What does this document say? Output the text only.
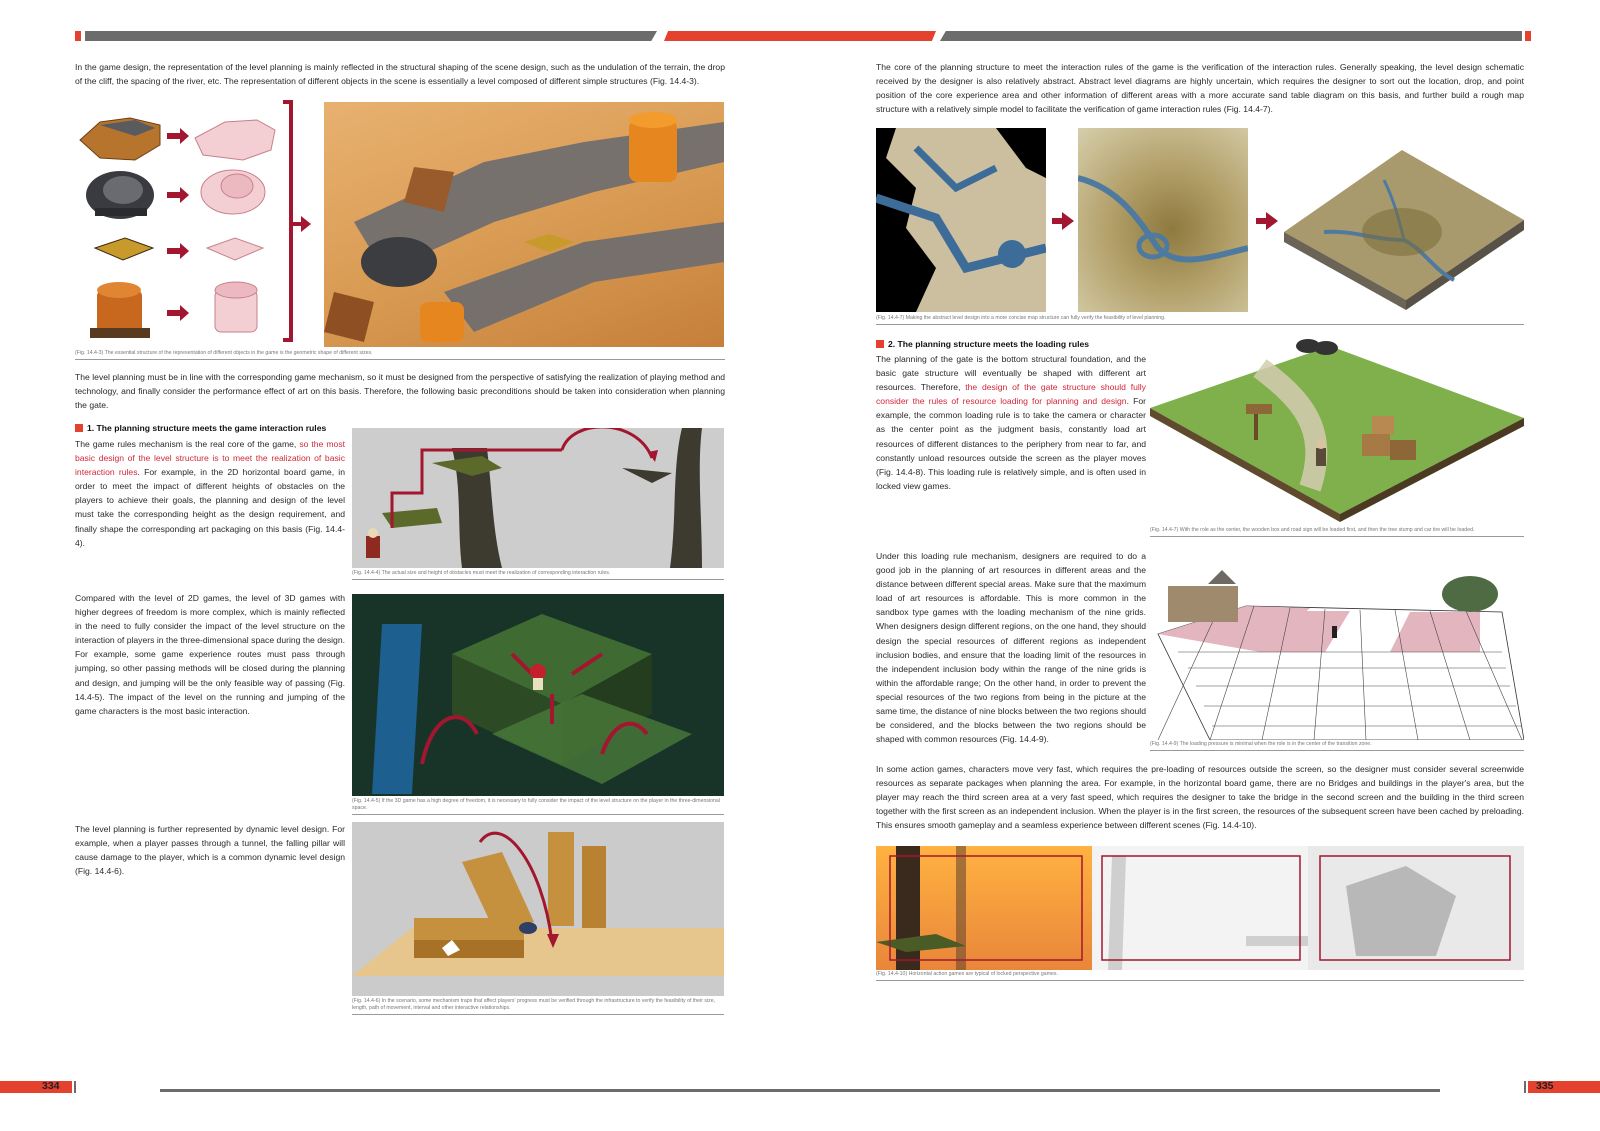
In the game design, the representation of the level planning is mainly reflected in the structural shaping of the scene design, such as the undulation of the terrain, the drop of the cliff, the spacing of the river, etc. The representation of different objects in the scene is essentially a level composed of different simple structures (Fig. 14.4-3).

(Fig. 14.4-3) The essential structure of the representation of different objects in the game is the geometric shape of different sizes.

The level planning must be in line with the corresponding game mechanism, so it must be designed from the perspective of satisfying the realization of playing method and technology, and finally consider the performance effect of art on this basis. Therefore, the following basic preconditions should be taken into consideration when planning the gate.

1. The planning structure meets the game interaction rules

The game rules mechanism is the real core of the game, so the most basic design of the level structure is to meet the realization of basic interaction rules. For example, in the 2D horizontal board game, in order to meet the impact of different heights of obstacles on the players to achieve their goals, the planning and design of the level must take the corresponding height as the design requirement, and finally shape the corresponding art packaging on this basis (Fig. 14.4-4).

(Fig. 14.4-4) The actual size and height of obstacles must meet the realization of corresponding interaction rules.

Compared with the level of 2D games, the level of 3D games with higher degrees of freedom is more complex, which is mainly reflected in the need to fully consider the impact of the level structure on the interaction of players in the three-dimensional space during the design. For example, some game experience routes must pass through jumping, so other passing methods will be closed during the planning and design, and jumping will be the only feasible way of passing (Fig. 14.4-5). The impact of the level on the running and jumping of the game characters is the most basic interaction.

(Fig. 14.4-5) If the 3D game has a high degree of freedom, it is necessary to fully consider the impact of the level structure on the player in the three-dimensional space.

The level planning is further represented by dynamic level design. For example, when a player passes through a tunnel, the falling pillar will cause damage to the player, which is a common dynamic level design (Fig. 14.4-6).

(Fig. 14.4-6) In the scenario, some mechanism traps that affect players' progress must be verified through the infrastructure to verify the feasibility of their size, length, path of movement, interval and other interactive relationships.

334

The core of the planning structure to meet the interaction rules of the game is the verification of the interaction rules. Generally speaking, the level design schematic received by the designer is also relatively abstract. Abstract level diagrams are highly uncertain, which requires the designer to sort out the location, drop, and point position of the core experience area and other information of different areas with a more accurate sand table diagram on this basis, and further build a rough map structure with a relatively simple model to facilitate the verification of game interaction rules (Fig. 14.4-7).

(Fig. 14.4-7) Making the abstract level design into a more concise map structure can fully verify the feasibility of level planning.

2. The planning structure meets the loading rules

The planning of the gate is the bottom structural foundation, and the basic gate structure will eventually be shaped with different art resources. Therefore, the design of the gate structure should fully consider the rules of resource loading for planning and design. For example, the common loading rule is to take the camera or character as the center point as the judgment basis, constantly load art resources of different distances to the periphery from near to far, and constantly unload resources outside the screen as the player moves (Fig. 14.4-8). This loading rule is relatively simple, and is often used in locked view games.

(Fig. 14.4-7) With the role as the center, the wooden box and road sign will be loaded first, and then the tree stump and car tire will be loaded.

Under this loading rule mechanism, designers are required to do a good job in the planning of art resources in different areas and the distance between different special areas. Make sure that the maximum load of art resources is affordable. This is more common in the sandbox type games with the loading mechanism of the nine grids. When designers design different regions, on the one hand, they should design the special resources of different regions as independent inclusion bodies, and ensure that the loading limit of the resources in the independent inclusion body within the range of the nine grids is within the affordable range; On the other hand, in order to prevent the special resources of the two regions from being in the picture at the same time, the distance of nine blocks between the two regions should be considered, and the blocks between the two regions should be shaped with common resources (Fig. 14.4-9).	(Fig. 14.4-9) The loading pressure is minimal when the role is in the center of the transition zone.

In some action games, characters move very fast, which requires the pre-loading of resources outside the screen, so the designer must consider several screenwide resources as separate packages when planning the area. For example, in the horizontal board game, there are no Bridges and buildings in the player's area, but the player may reach the third screen area at a very fast speed, which requires the designer to take the bridge in the second screen and the building in the third screen together with the first screen as an independent inclusion. When the player is in the first screen, the resources of the subsequent screen have been cached by preloading. This ensures smooth gameplay and a seamless experience between different scenes (Fig. 14.4-10).

(Fig. 14.4-10) Horizontal action games are typical of locked perspective games.

335
